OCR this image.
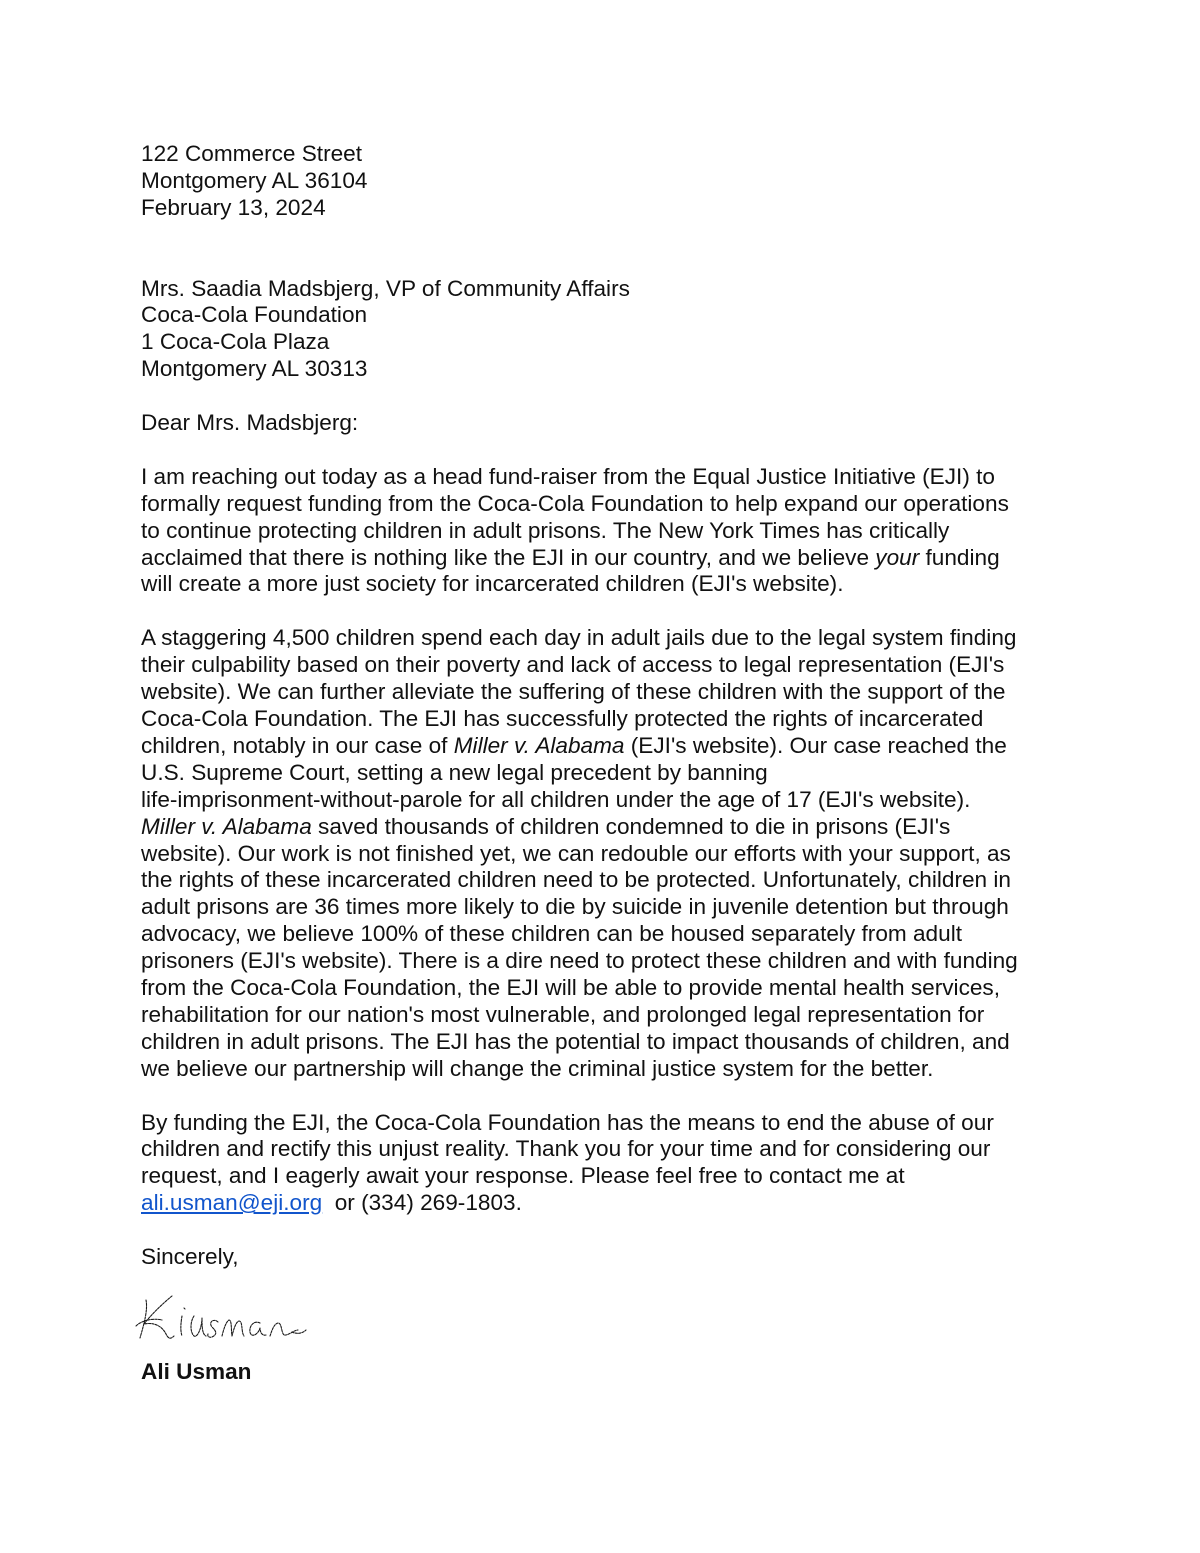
122 Commerce Street
Montgomery AL 36104
February 13, 2024
Mrs. Saadia Madsbjerg, VP of Community Affairs
Coca-Cola Foundation
1 Coca-Cola Plaza
Montgomery AL 30313
Dear Mrs. Madsbjerg:
I am reaching out today as a head fund-raiser from the Equal Justice Initiative (EJI) to
formally request funding from the Coca-Cola Foundation to help expand our operations
to continue protecting children in adult prisons. The New York Times has critically
acclaimed that there is nothing like the EJI in our country, and we believe your funding
will create a more just society for incarcerated children (EJI's website).
A staggering 4,500 children spend each day in adult jails due to the legal system finding
their culpability based on their poverty and lack of access to legal representation (EJI's
website). We can further alleviate the suffering of these children with the support of the
Coca-Cola Foundation. The EJI has successfully protected the rights of incarcerated
children, notably in our case of Miller v. Alabama (EJI's website). Our case reached the
U.S. Supreme Court, setting a new legal precedent by banning
life-imprisonment-without-parole for all children under the age of 17 (EJI's website).
Miller v. Alabama saved thousands of children condemned to die in prisons (EJI's
website). Our work is not finished yet, we can redouble our efforts with your support, as
the rights of these incarcerated children need to be protected. Unfortunately, children in
adult prisons are 36 times more likely to die by suicide in juvenile detention but through
advocacy, we believe 100% of these children can be housed separately from adult
prisoners (EJI's website). There is a dire need to protect these children and with funding
from the Coca-Cola Foundation, the EJI will be able to provide mental health services,
rehabilitation for our nation's most vulnerable, and prolonged legal representation for
children in adult prisons. The EJI has the potential to impact thousands of children, and
we believe our partnership will change the criminal justice system for the better.
By funding the EJI, the Coca-Cola Foundation has the means to end the abuse of our
children and rectify this unjust reality. Thank you for your time and for considering our
request, and I eagerly await your response. Please feel free to contact me at
ali.usman@eji.org  or (334) 269-1803.
Sincerely,
Ali Usman
